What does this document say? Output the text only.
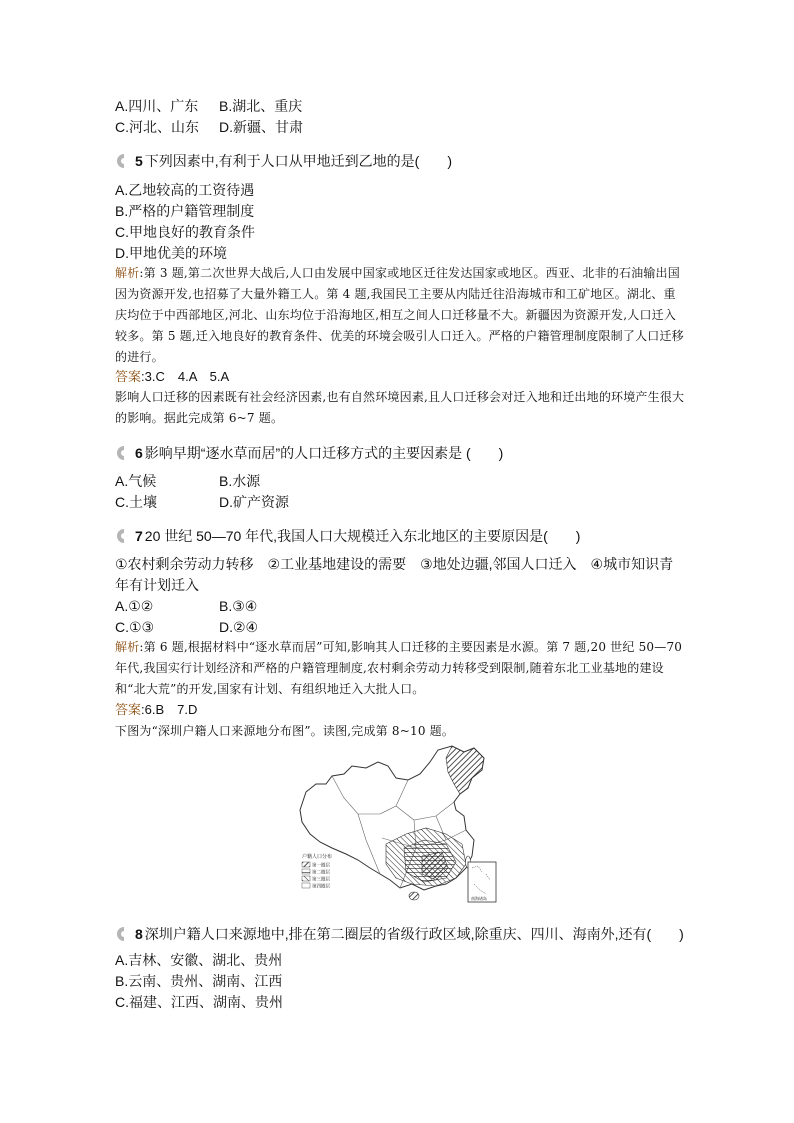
A.四川、广东 B.湖北、重庆
C.河北、山东 D.新疆、甘肃
5 下列因素中,有利于人口从甲地迁到乙地的是(　　)
A.乙地较高的工资待遇
B.严格的户籍管理制度
C.甲地良好的教育条件
D.甲地优美的环境
解析:第 3 题,第二次世界大战后,人口由发展中国家或地区迁往发达国家或地区。西亚、北非的石油输出国因为资源开发,也招募了大量外籍工人。第 4 题,我国民工主要从内陆迁往沿海城市和工矿地区。湖北、重庆均位于中西部地区,河北、山东均位于沿海地区,相互之间人口迁移量不大。新疆因为资源开发,人口迁入较多。第 5 题,迁入地良好的教育条件、优美的环境会吸引人口迁入。严格的户籍管理制度限制了人口迁移的进行。
答案:3.C　4.A　5.A
影响人口迁移的因素既有社会经济因素,也有自然环境因素,且人口迁移会对迁入地和迁出地的环境产生很大的影响。据此完成第 6~7 题。
6 影响早期“逐水草而居”的人口迁移方式的主要因素是 (　　)
A.气候	B.水源
C.土壤	D.矿产资源
7 20 世纪 50—70 年代,我国人口大规模迁入东北地区的主要原因是(　　)
①农村剩余劳动力转移　②工业基地建设的需要　③地处边疆,邻国人口迁入　④城市知识青
年有计划迁入
A.①②	B.③④
C.①③	D.②④
解析:第 6 题,根据材料中“逐水草而居”可知,影响其人口迁移的主要因素是水源。第 7 题,20 世纪 50—70 年代,我国实行计划经济和严格的户籍管理制度,农村剩余劳动力转移受到限制,随着东北工业基地的建设和“北大荒”的开发,国家有计划、有组织地迁入大批人口。
答案:6.B　7.D
下图为“深圳户籍人口来源地分布图”。读图,完成第 8~10 题。
户籍人口分布
第一圈层
第二圈层
第三圈层
第四圈层
南海诸岛
8 深圳户籍人口来源地中,排在第二圈层的省级行政区域,除重庆、四川、海南外,还有(　　)
A.吉林、安徽、湖北、贵州
B.云南、贵州、湖南、江西
C.福建、江西、湖南、贵州
